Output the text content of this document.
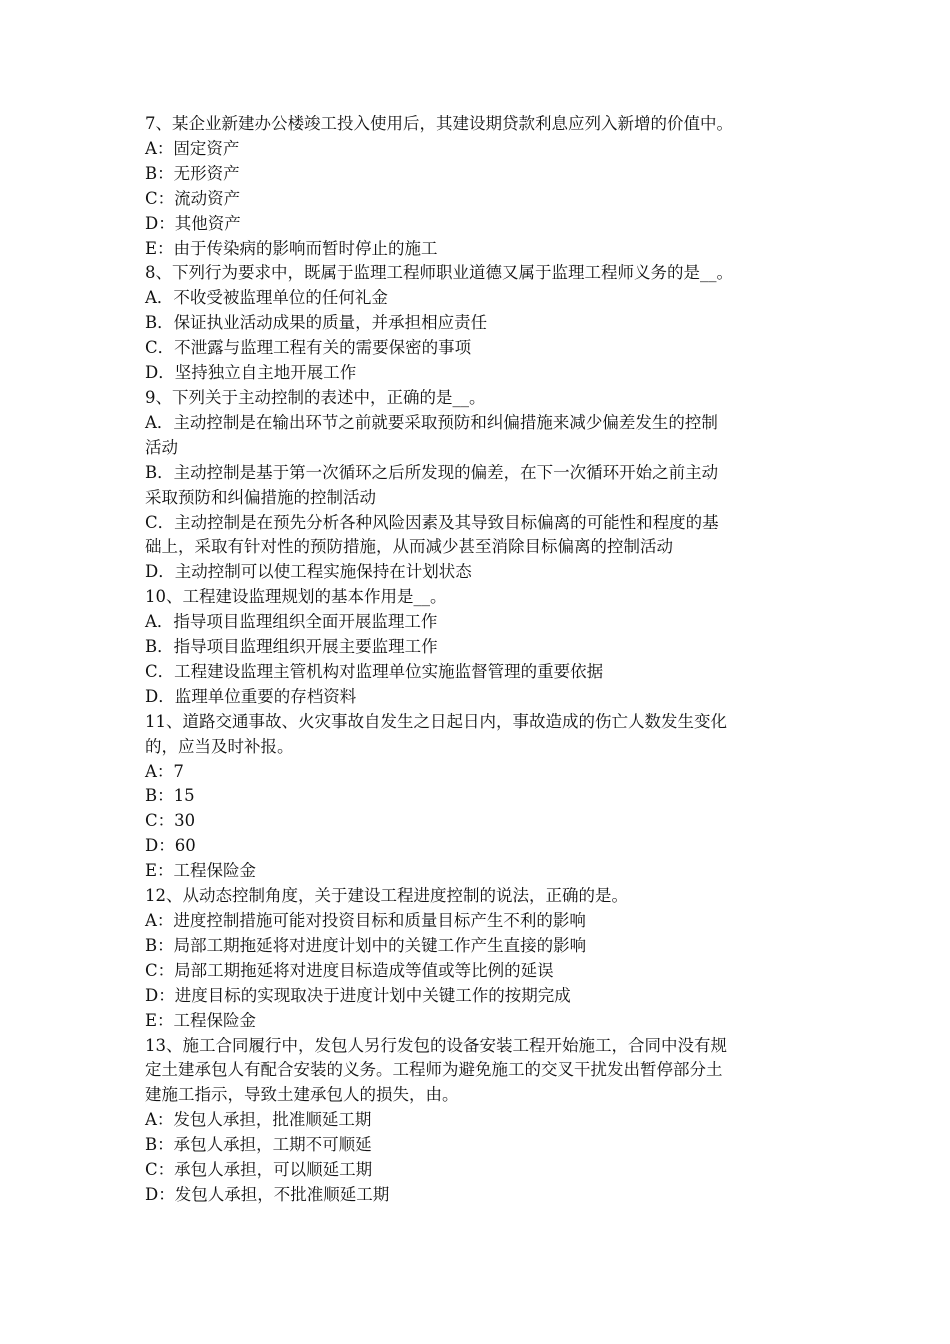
7、某企业新建办公楼竣工投入使用后，其建设期贷款利息应列入新增的价值中。
A：固定资产
B：无形资产
C：流动资产
D：其他资产
E：由于传染病的影响而暂时停止的施工
8、下列行为要求中，既属于监理工程师职业道德又属于监理工程师义务的是__。
A．不收受被监理单位的任何礼金
B．保证执业活动成果的质量，并承担相应责任
C．不泄露与监理工程有关的需要保密的事项
D．坚持独立自主地开展工作
9、下列关于主动控制的表述中，正确的是__。
A．主动控制是在输出环节之前就要采取预防和纠偏措施来减少偏差发生的控制
活动
B．主动控制是基于第一次循环之后所发现的偏差，在下一次循环开始之前主动
采取预防和纠偏措施的控制活动
C．主动控制是在预先分析各种风险因素及其导致目标偏离的可能性和程度的基
础上，采取有针对性的预防措施，从而减少甚至消除目标偏离的控制活动
D．主动控制可以使工程实施保持在计划状态
10、工程建设监理规划的基本作用是__。
A．指导项目监理组织全面开展监理工作
B．指导项目监理组织开展主要监理工作
C．工程建设监理主管机构对监理单位实施监督管理的重要依据
D．监理单位重要的存档资料
11、道路交通事故、火灾事故自发生之日起日内，事故造成的伤亡人数发生变化
的，应当及时补报。
A：7
B：15
C：30
D：60
E：工程保险金
12、从动态控制角度，关于建设工程进度控制的说法，正确的是。
A：进度控制措施可能对投资目标和质量目标产生不利的影响
B：局部工期拖延将对进度计划中的关键工作产生直接的影响
C：局部工期拖延将对进度目标造成等值或等比例的延误
D：进度目标的实现取决于进度计划中关键工作的按期完成
E：工程保险金
13、施工合同履行中，发包人另行发包的设备安装工程开始施工，合同中没有规
定土建承包人有配合安装的义务。工程师为避免施工的交叉干扰发出暂停部分土
建施工指示，导致土建承包人的损失，由。
A：发包人承担，批准顺延工期
B：承包人承担，工期不可顺延
C：承包人承担，可以顺延工期
D：发包人承担，不批准顺延工期
